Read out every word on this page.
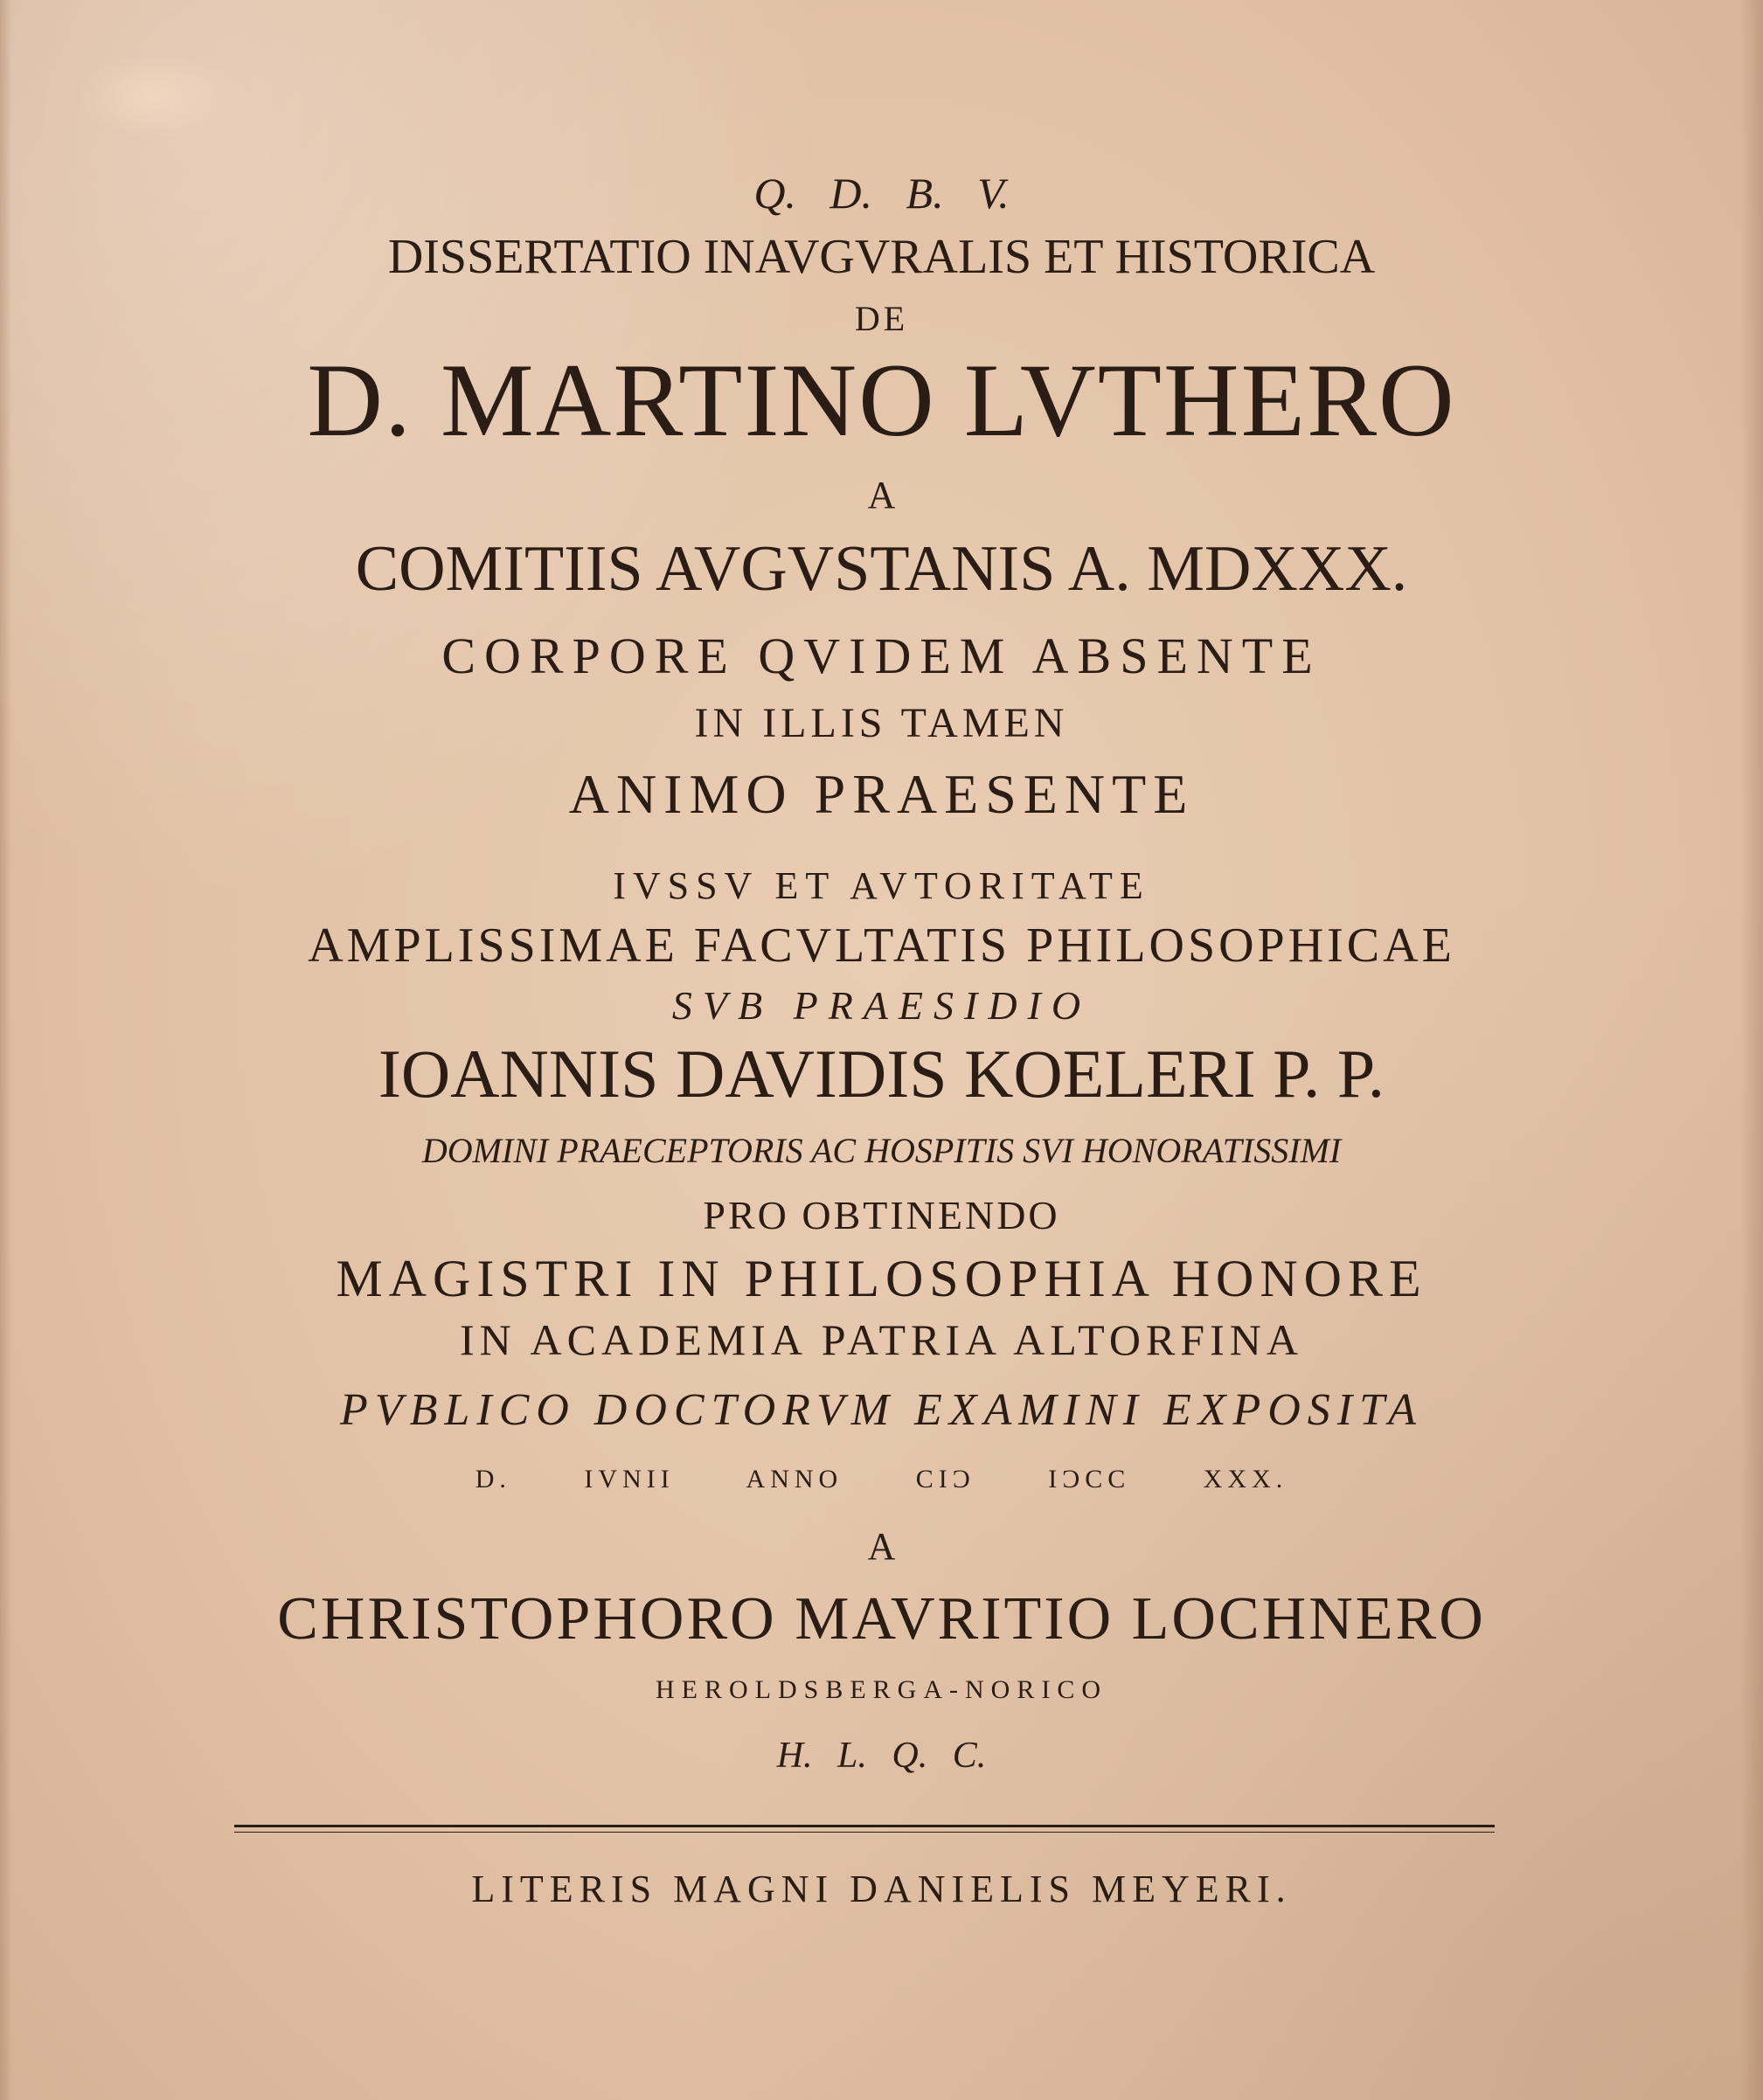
Q. D. B. V.

DISSERTATIO INAVGVRALIS ET HISTORICA

DE

D. MARTINO LVTHERO

A

COMITIIS AVGVSTANIS A. MDXXX.

CORPORE QVIDEM ABSENTE

IN ILLIS TAMEN

ANIMO PRAESENTE

IVSSV ET AVTORITATE

AMPLISSIMAE FACVLTATIS PHILOSOPHICAE

SVB PRAESIDIO

IOANNIS DAVIDIS KOELERI P. P.

DOMINI PRAECEPTORIS AC HOSPITIS SVI HONORATISSIMI

PRO OBTINENDO

MAGISTRI IN PHILOSOPHIA HONORE

IN ACADEMIA PATRIA ALTORFINA

PVBLICO DOCTORVM EXAMINI EXPOSITA

D. IVNII ANNO CIƆ IƆCC XXX.

A

CHRISTOPHORO MAVRITIO LOCHNERO

HEROLDSBERGA-NORICO

H. L. Q. C.

LITERIS MAGNI DANIELIS MEYERI.
